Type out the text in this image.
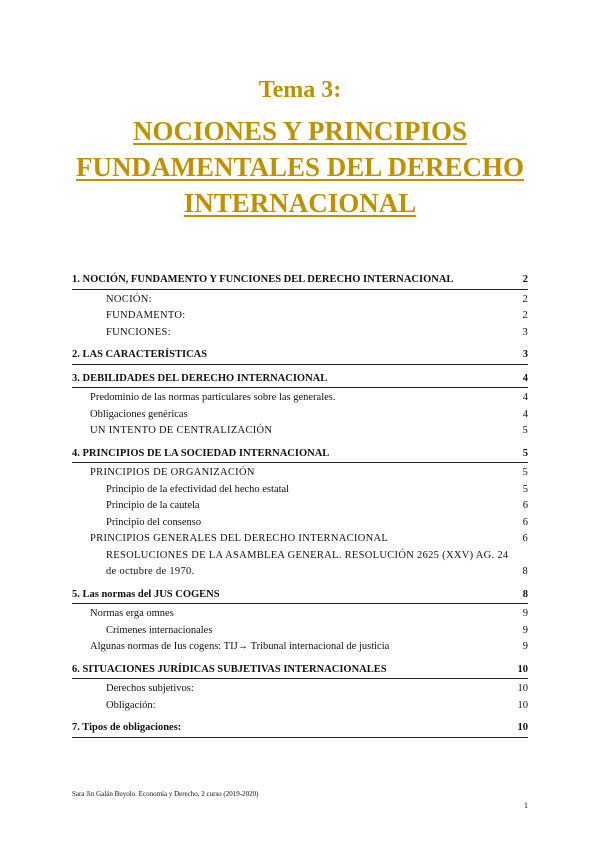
Tema 3:
NOCIONES Y PRINCIPIOS
FUNDAMENTALES DEL DERECHO
INTERNACIONAL
1. NOCIÓN, FUNDAMENTO Y FUNCIONES DEL DERECHO INTERNACIONAL	2
NOCIÓN:	2
FUNDAMENTO:	2
FUNCIONES:	3
2. LAS CARACTERÍSTICAS	3
3. DEBILIDADES DEL DERECHO INTERNACIONAL	4
Predominio de las normas particulares sobre las generales.	4
Obligaciones genéricas	4
UN INTENTO DE CENTRALIZACIÓN	5
4. PRINCIPIOS DE LA SOCIEDAD INTERNACIONAL	5
PRINCIPIOS DE ORGANIZACIÓN	5
Principio de la efectividad del hecho estatal	5
Principio de la cautela	6
Principio del consenso	6
PRINCIPIOS GENERALES DEL DERECHO INTERNACIONAL	6
RESOLUCIONES DE LA ASAMBLEA GENERAL. RESOLUCIÓN 2625 (XXV) AG. 24 de octubre de 1970.	8
5. Las normas del JUS COGENS	8
Normas erga omnes	9
Crímenes internacionales	9
Algunas normas de Ius cogens: TIJ→ Tribunal internacional de justicia	9
6. SITUACIONES JURÍDICAS SUBJETIVAS INTERNACIONALES	10
Derechos subjetivos:	10
Obligación:	10
7. Tipos de obligaciones:	10
Sara Jin Galán Buyolo. Economía y Derecho, 2 curso (2019-2020)
1
